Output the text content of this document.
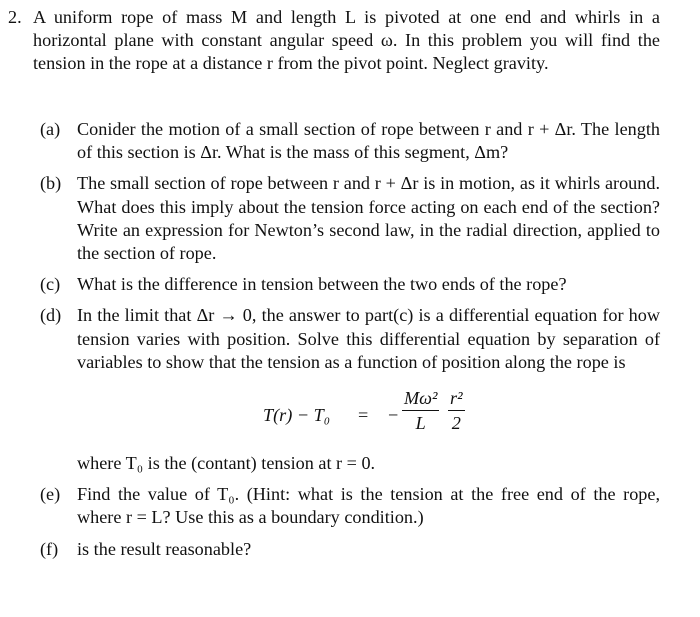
2. A uniform rope of mass M and length L is pivoted at one end and whirls in a horizontal plane with constant angular speed ω. In this problem you will find the tension in the rope at a distance r from the pivot point. Neglect gravity.
(a) Conider the motion of a small section of rope between r and r + Δr. The length of this section is Δr. What is the mass of this segment, Δm?
(b) The small section of rope between r and r + Δr is in motion, as it whirls around. What does this imply about the tension force acting on each end of the section? Write an expression for Newton’s second law, in the radial direction, applied to the section of rope.
(c) What is the difference in tension between the two ends of the rope?
(d) In the limit that Δr → 0, the answer to part(c) is a differential equation for how tension varies with position. Solve this differential equation by separation of variables to show that the tension as a function of position along the rope is
T(r) − T₀ = − $\frac{\text{Mω²}}{L} \frac{\text{r²}}{2}$
where T₀ is the (contant) tension at r = 0.
(e) Find the value of T₀. (Hint: what is the tension at the free end of the rope, where r = L? Use this as a boundary condition.)
(f) is the result reasonable?
